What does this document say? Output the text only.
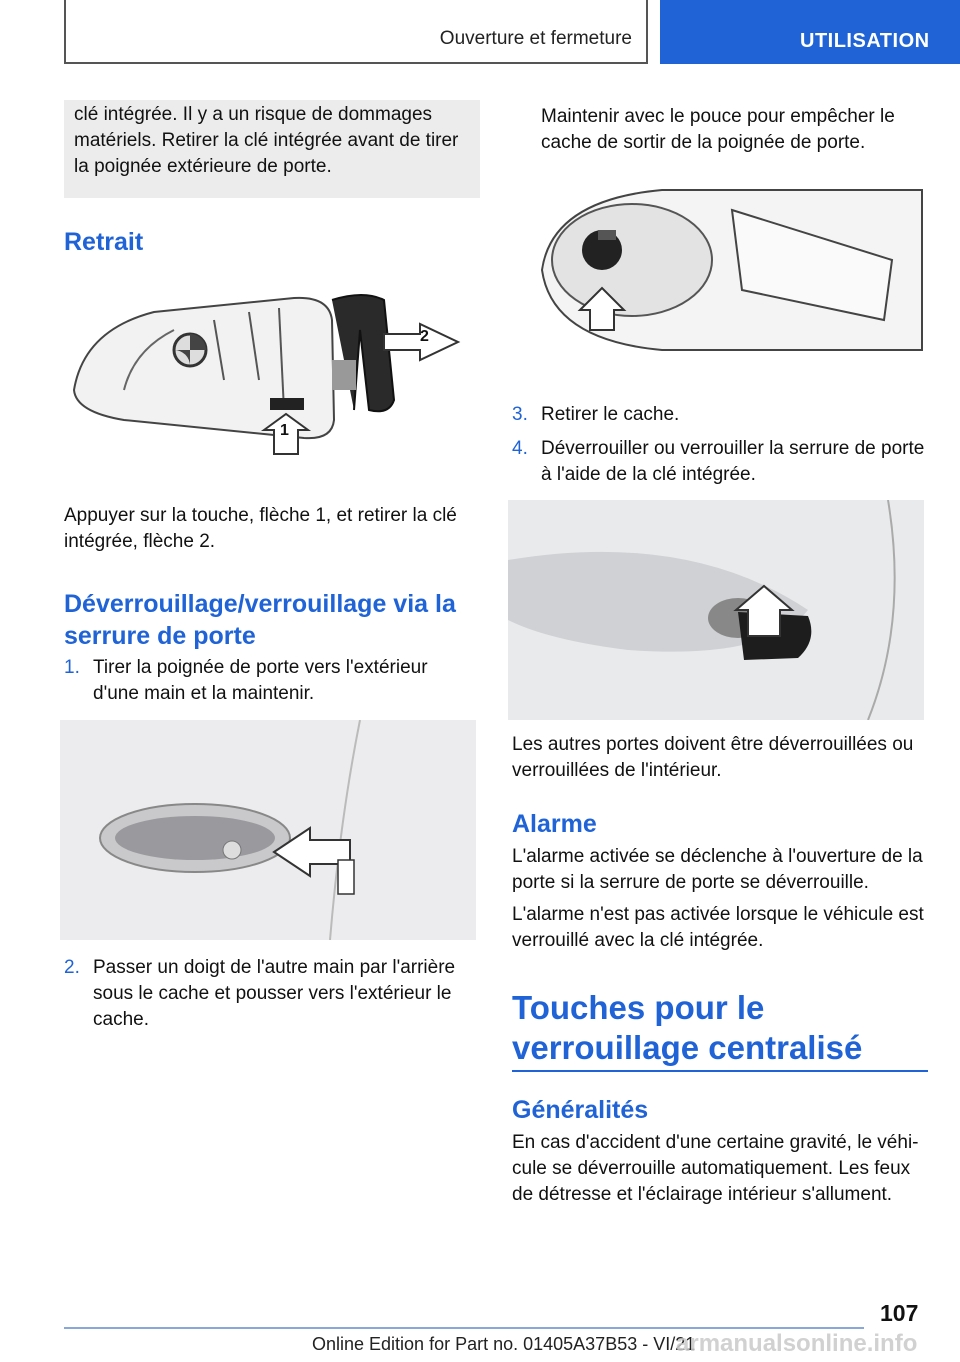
Ouverture et fermeture	UTILISATION

clé intégrée. Il y a un risque de dommages matériels. Retirer la clé intégrée avant de tirer la poignée extérieure de porte.

Retrait
2
1

Appuyer sur la touche, flèche 1, et retirer la clé intégrée, flèche 2.

Déverrouillage/verrouillage via la serrure de porte
1. Tirer la poignée de porte vers l'extérieur d'une main et la maintenir.
2. Passer un doigt de l'autre main par l'arrière sous le cache et pousser vers l'extérieur le cache.

Maintenir avec le pouce pour empêcher le cache de sortir de la poignée de porte.

3. Retirer le cache.
4. Déverrouiller ou verrouiller la serrure de porte à l'aide de la clé intégrée.

Les autres portes doivent être déverrouillées ou verrouillées de l'intérieur.

Alarme

L'alarme activée se déclenche à l'ouverture de la porte si la serrure de porte se déverrouille.

L'alarme n'est pas activée lorsque le véhicule est verrouillé avec la clé intégrée.

Touches pour le verrouillage centralisé
Généralités

En cas d'accident d'une certaine gravité, le véhicule se déverrouille automatiquement. Les feux de détresse et l'éclairage intérieur s'allument.

107
Online Edition for Part no. 01405A37B53 - VI/21
armanualsonline.info
